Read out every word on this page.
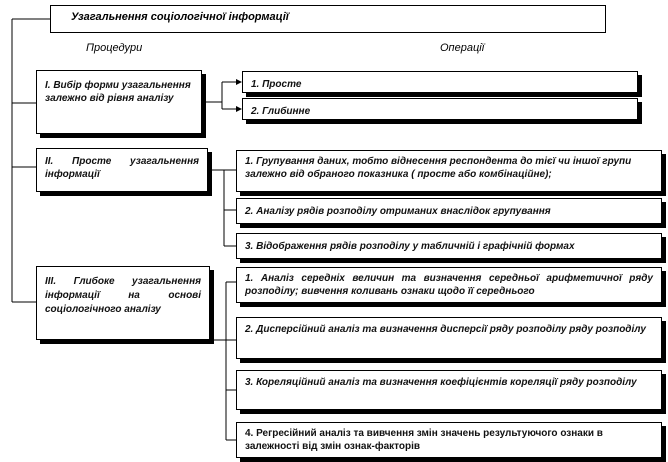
Узагальнення соціологічної інформації
Процедури	Операції
I. Вибір форми узагальнення залежно від рівня аналізу
II. Просте узагальнення інформації
III. Глибоке узагальнення інформації на основі соціологічного аналізу
1. Просте
2. Глибинне
1. Групування даних, тобто віднесення респондента до тієї чи іншої групи залежно від обраного показника ( просте або комбінаційне);
2. Аналізу рядів розподілу отриманих внаслідок групування
3. Відображення рядів розподілу у табличній і графічній формах
1. Аналіз середніх величин та визначення середньої арифметичної ряду розподілу; вивчення коливань ознаки щодо її середнього
2. Дисперсійний аналіз та визначення дисперсії ряду розподілу ряду розподілу
3. Кореляційний аналіз та визначення коефіцієнтів кореляції ряду розподілу
4. Регресійний аналіз та вивчення змін значень результуючого ознаки в залежності від змін ознак-факторів
